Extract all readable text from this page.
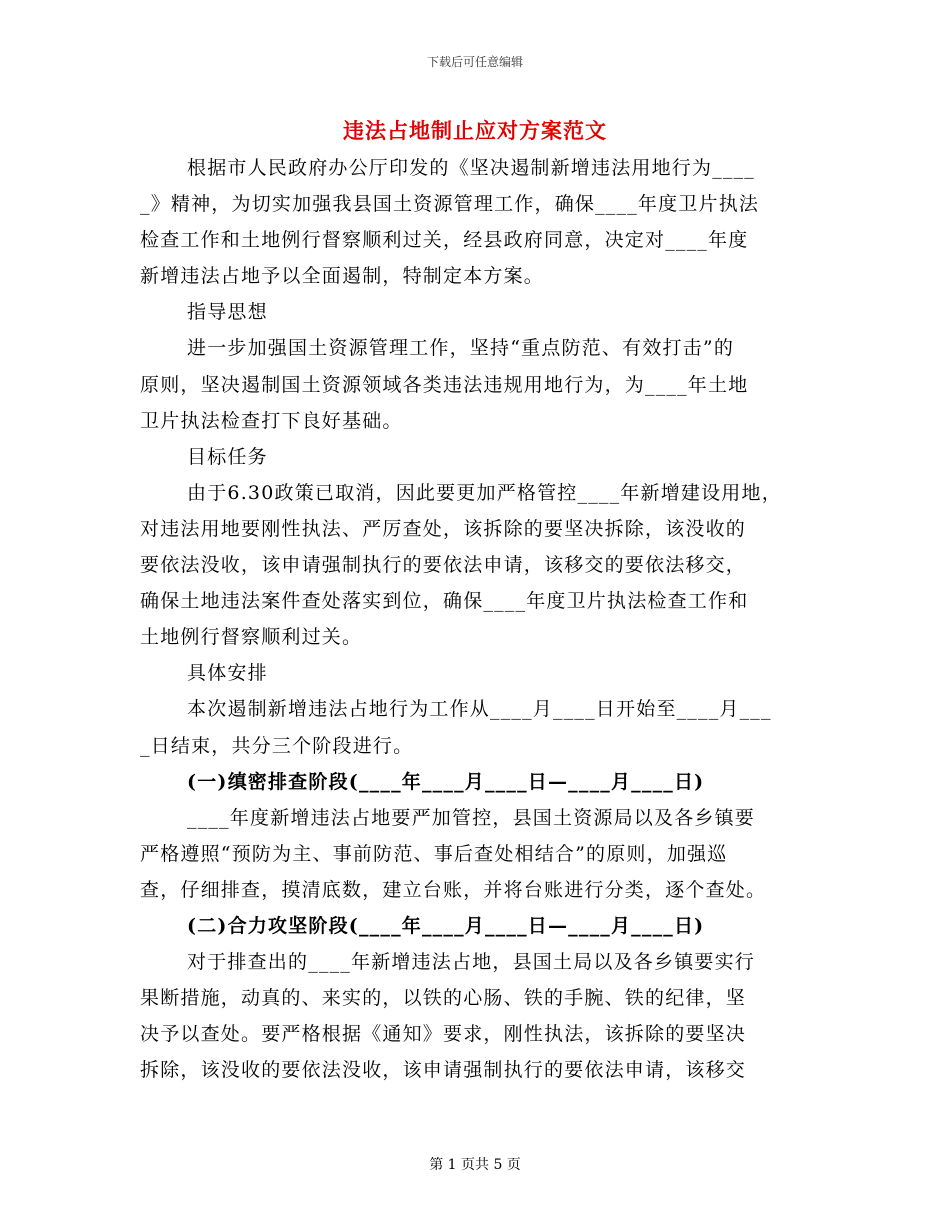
下载后可任意编辑
违法占地制止应对方案范文
根据市人民政府办公厅印发的《坚决遏制新增违法用地行为____
_》精神，为切实加强我县国土资源管理工作，确保____年度卫片执法
检查工作和土地例行督察顺利过关，经县政府同意，决定对____年度
新增违法占地予以全面遏制，特制定本方案。
指导思想
进一步加强国土资源管理工作，坚持“重点防范、有效打击”的
原则，坚决遏制国土资源领域各类违法违规用地行为，为____年土地
卫片执法检查打下良好基础。
目标任务
由于6.30政策已取消，因此要更加严格管控____年新增建设用地，
对违法用地要刚性执法、严厉查处，该拆除的要坚决拆除，该没收的
要依法没收，该申请强制执行的要依法申请，该移交的要依法移交，
确保土地违法案件查处落实到位，确保____年度卫片执法检查工作和
土地例行督察顺利过关。
具体安排
本次遏制新增违法占地行为工作从____月____日开始至____月___
_日结束，共分三个阶段进行。
(一)缜密排查阶段(____年____月____日—____月____日)
____年度新增违法占地要严加管控，县国土资源局以及各乡镇要
严格遵照“预防为主、事前防范、事后查处相结合”的原则，加强巡
查，仔细排查，摸清底数，建立台账，并将台账进行分类，逐个查处。
(二)合力攻坚阶段(____年____月____日—____月____日)
对于排查出的____年新增违法占地，县国土局以及各乡镇要实行
果断措施，动真的、来实的，以铁的心肠、铁的手腕、铁的纪律，坚
决予以查处。要严格根据《通知》要求，刚性执法，该拆除的要坚决
拆除，该没收的要依法没收，该申请强制执行的要依法申请，该移交
第 1 页共 5 页
